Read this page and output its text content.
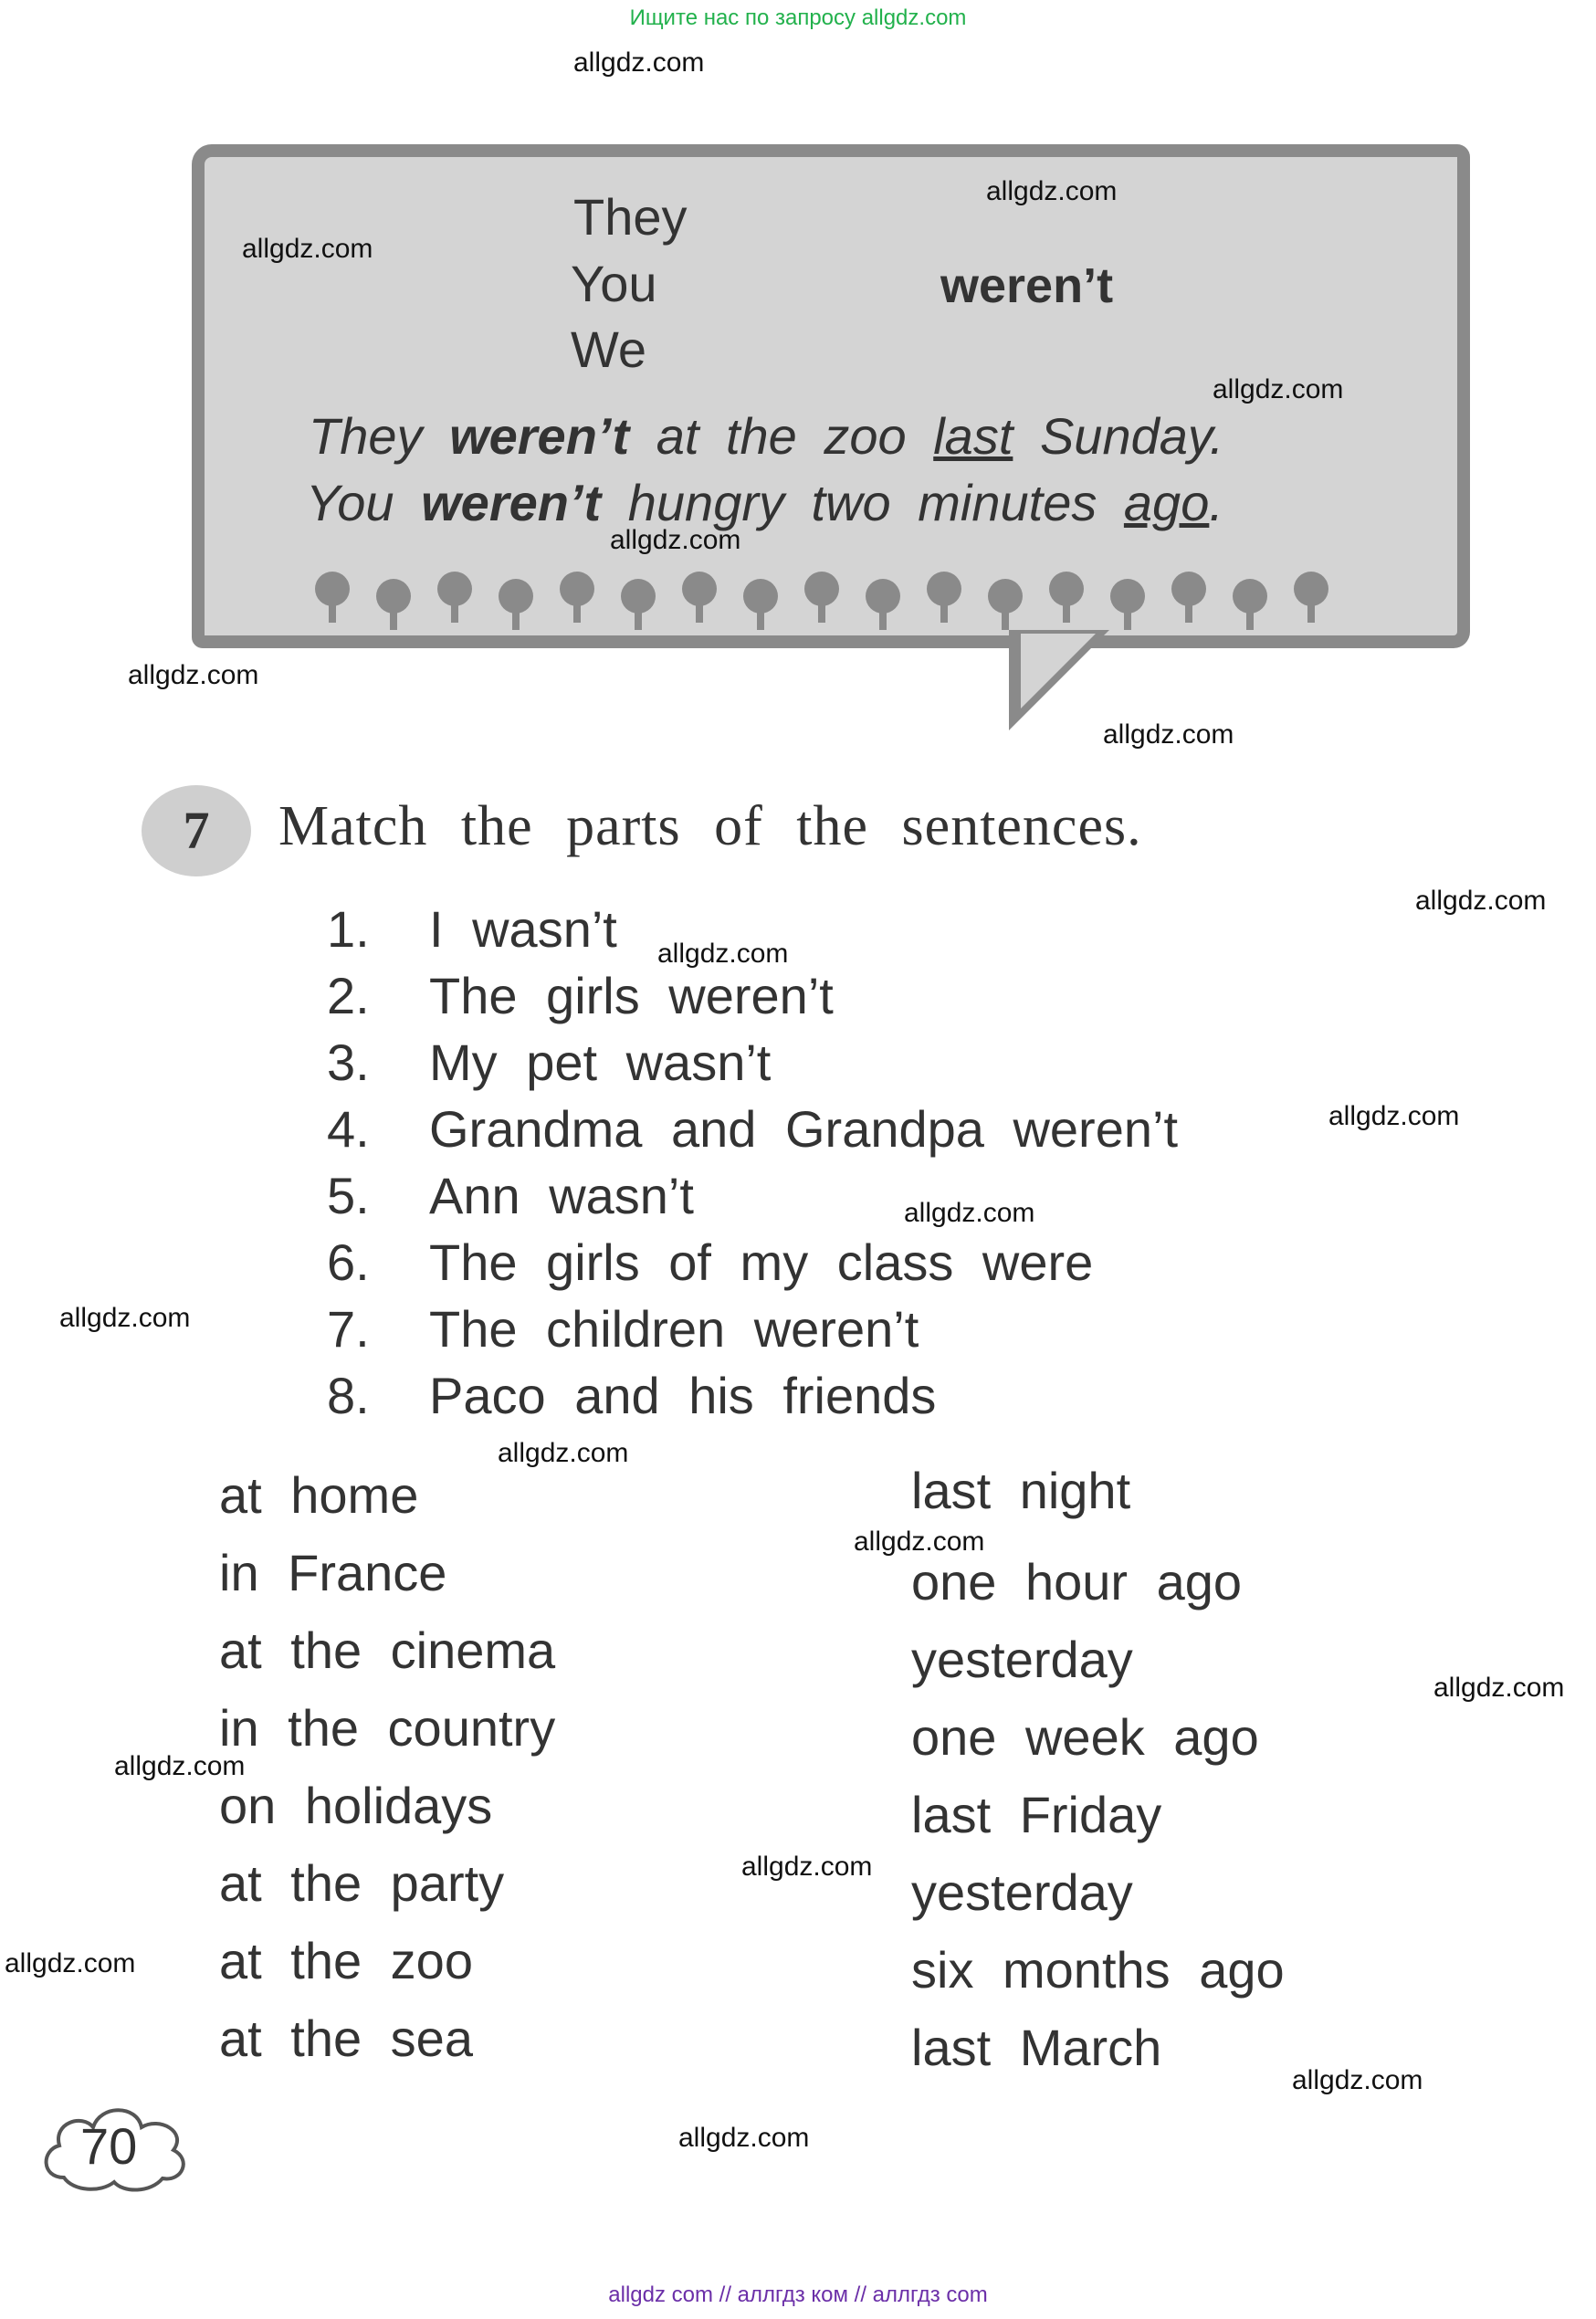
Ищите нас по запросу allgdz.com
allgdz com // аллгдз ком // аллгдз com
They
You
We
weren’t
They weren’t at the zoo last Sunday.
You weren’t hungry two minutes ago.
7	Match the parts of the sentences.
1. I wasn’t
2. The girls weren’t
3. My pet wasn’t
4. Grandma and Grandpa weren’t
5. Ann wasn’t
6. The girls of my class were
7. The children weren’t
8. Paco and his friends
at home
in France
at the cinema
in the country
on holidays
at the party
at the zoo
at the sea
last night
one hour ago
yesterday
one week ago
last Friday
yesterday
six months ago
last March
70
allgdz.com
allgdz.com
allgdz.com
allgdz.com
allgdz.com
allgdz.com
allgdz.com
allgdz.com
allgdz.com
allgdz.com
allgdz.com
allgdz.com
allgdz.com
allgdz.com
allgdz.com
allgdz.com
allgdz.com
allgdz.com
allgdz.com
allgdz.com
